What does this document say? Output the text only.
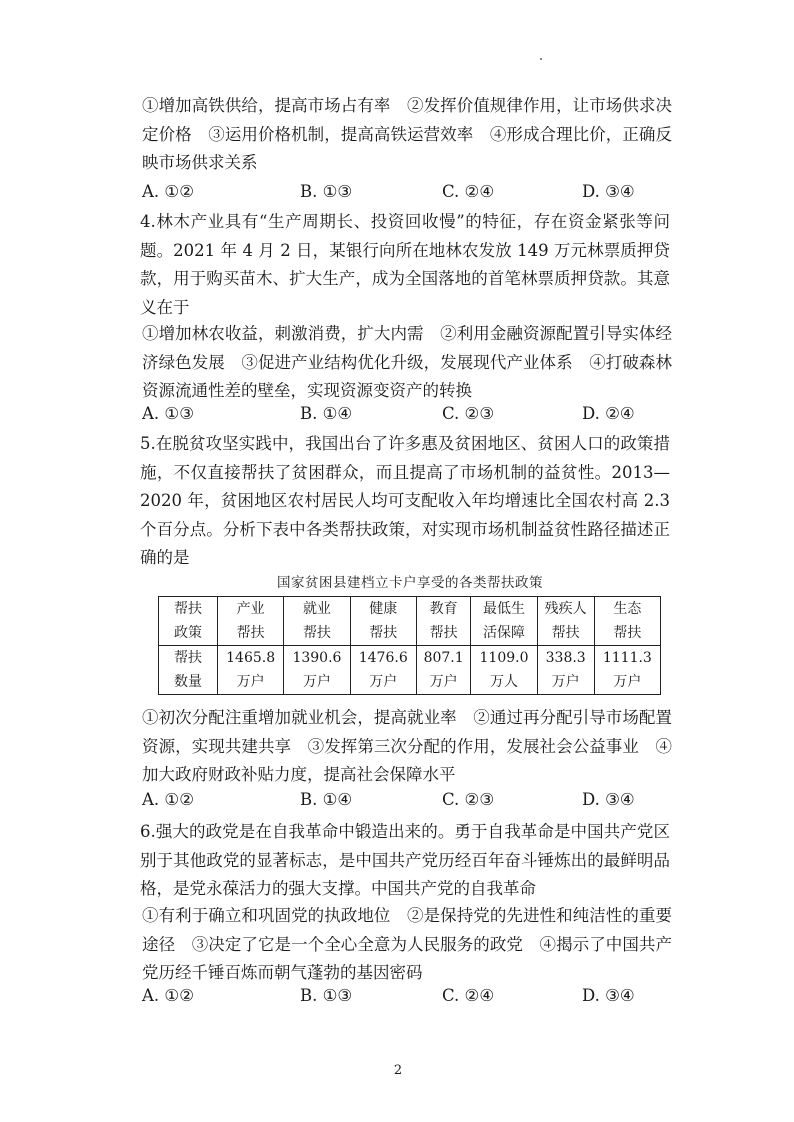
①增加高铁供给，提高市场占有率　②发挥价值规律作用，让市场供求决定价格　③运用价格机制，提高高铁运营效率　④形成合理比价，正确反映市场供求关系

A. ①②	B. ①③	C. ②④	D. ③④

4.林木产业具有“生产周期长、投资回收慢”的特征，存在资金紧张等问题。2021 年 4 月 2 日，某银行向所在地林农发放 149 万元林票质押贷款，用于购买苗木、扩大生产，成为全国落地的首笔林票质押贷款。其意义在于

①增加林农收益，刺激消费，扩大内需　②利用金融资源配置引导实体经济绿色发展　③促进产业结构优化升级，发展现代产业体系　④打破森林资源流通性差的壁垒，实现资源变资产的转换

A. ①③	B. ①④	C. ②③	D. ②④

5.在脱贫攻坚实践中，我国出台了许多惠及贫困地区、贫困人口的政策措施，不仅直接帮扶了贫困群众，而且提高了市场机制的益贫性。2013—2020 年，贫困地区农村居民人均可支配收入年均增速比全国农村高 2.3 个百分点。分析下表中各类帮扶政策，对实现市场机制益贫性路径描述正确的是

国家贫困县建档立卡户享受的各类帮扶政策
帮扶	产业	就业	健康	教育	最低生	残疾人	生态
政策	帮扶	帮扶	帮扶	帮扶	活保障	帮扶	帮扶
帮扶	1465.8	1390.6	1476.6	807.1	1109.0	338.3	1111.3
数量	万户	万户	万户	万户	万人	万户	万户

①初次分配注重增加就业机会，提高就业率　②通过再分配引导市场配置资源，实现共建共享　③发挥第三次分配的作用，发展社会公益事业　④加大政府财政补贴力度，提高社会保障水平

A. ①②	B. ①④	C. ②③	D. ③④

6.强大的政党是在自我革命中锻造出来的。勇于自我革命是中国共产党区别于其他政党的显著标志，是中国共产党历经百年奋斗锤炼出的最鲜明品格，是党永葆活力的强大支撑。中国共产党的自我革命

①有利于确立和巩固党的执政地位　②是保持党的先进性和纯洁性的重要途径　③决定了它是一个全心全意为人民服务的政党　④揭示了中国共产党历经千锤百炼而朝气蓬勃的基因密码

A. ①②	B. ①③	C. ②④	D. ③④
2
